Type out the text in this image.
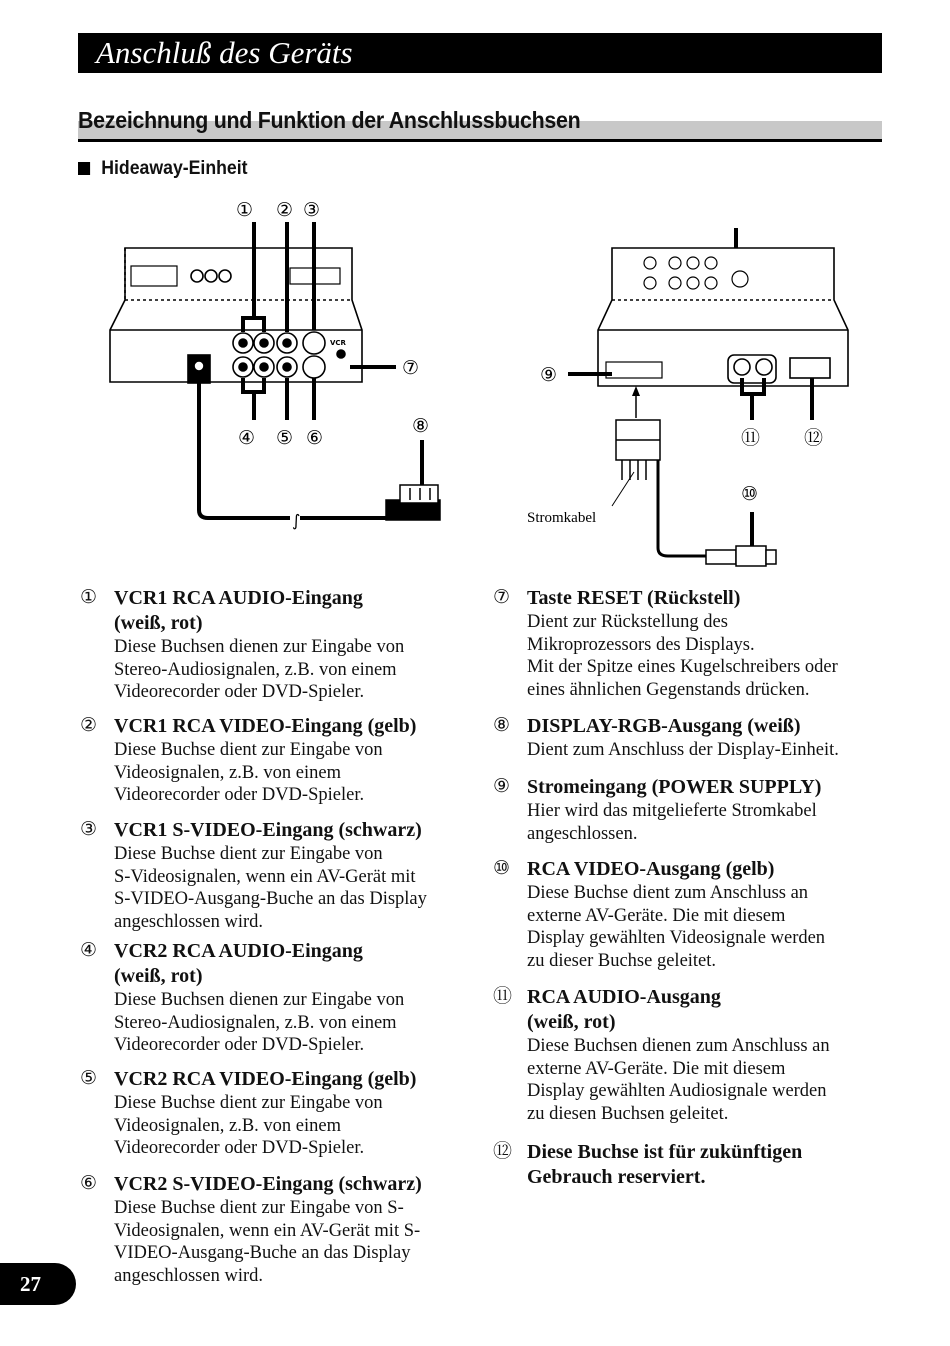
Anschluß des Geräts
Bezeichnung und Funktion der Anschlussbuchsen
Hideaway-Einheit
VCR
∫
① ② ③
④ ⑤ ⑥
⑦
⑧
⑨
⑩
⑪ ⑫
Stromkabel
① VCR1 RCA AUDIO-Eingang
(weiß, rot)
Diese Buchsen dienen zur Eingabe von
Stereo-Audiosignalen, z.B. von einem
Videorecorder oder DVD-Spieler.
② VCR1 RCA VIDEO-Eingang (gelb)
Diese Buchse dient zur Eingabe von
Videosignalen, z.B. von einem
Videorecorder oder DVD-Spieler.
③ VCR1 S-VIDEO-Eingang (schwarz)
Diese Buchse dient zur Eingabe von
S-Videosignalen, wenn ein AV-Gerät mit
S-VIDEO-Ausgang-Buche an das Display
angeschlossen wird.
④ VCR2 RCA AUDIO-Eingang
(weiß, rot)
Diese Buchsen dienen zur Eingabe von
Stereo-Audiosignalen, z.B. von einem
Videorecorder oder DVD-Spieler.
⑤ VCR2 RCA VIDEO-Eingang (gelb)
Diese Buchse dient zur Eingabe von
Videosignalen, z.B. von einem
Videorecorder oder DVD-Spieler.
⑥ VCR2 S-VIDEO-Eingang (schwarz)
Diese Buchse dient zur Eingabe von S-
Videosignalen, wenn ein AV-Gerät mit S-
VIDEO-Ausgang-Buche an das Display
angeschlossen wird.
⑦ Taste RESET (Rückstell)
Dient zur Rückstellung des
Mikroprozessors des Displays.
Mit der Spitze eines Kugelschreibers oder
eines ähnlichen Gegenstands drücken.
⑧ DISPLAY-RGB-Ausgang (weiß)
Dient zum Anschluss der Display-Einheit.
⑨ Stromeingang (POWER SUPPLY)
Hier wird das mitgelieferte Stromkabel
angeschlossen.
⑩ RCA VIDEO-Ausgang (gelb)
Diese Buchse dient zum Anschluss an
externe AV-Geräte. Die mit diesem
Display gewählten Videosignale werden
zu dieser Buchse geleitet.
⑪ RCA AUDIO-Ausgang
(weiß, rot)
Diese Buchsen dienen zum Anschluss an
externe AV-Geräte. Die mit diesem
Display gewählten Audiosignale werden
zu diesen Buchsen geleitet.
⑫ Diese Buchse ist für zukünftigen
Gebrauch reserviert.
27
